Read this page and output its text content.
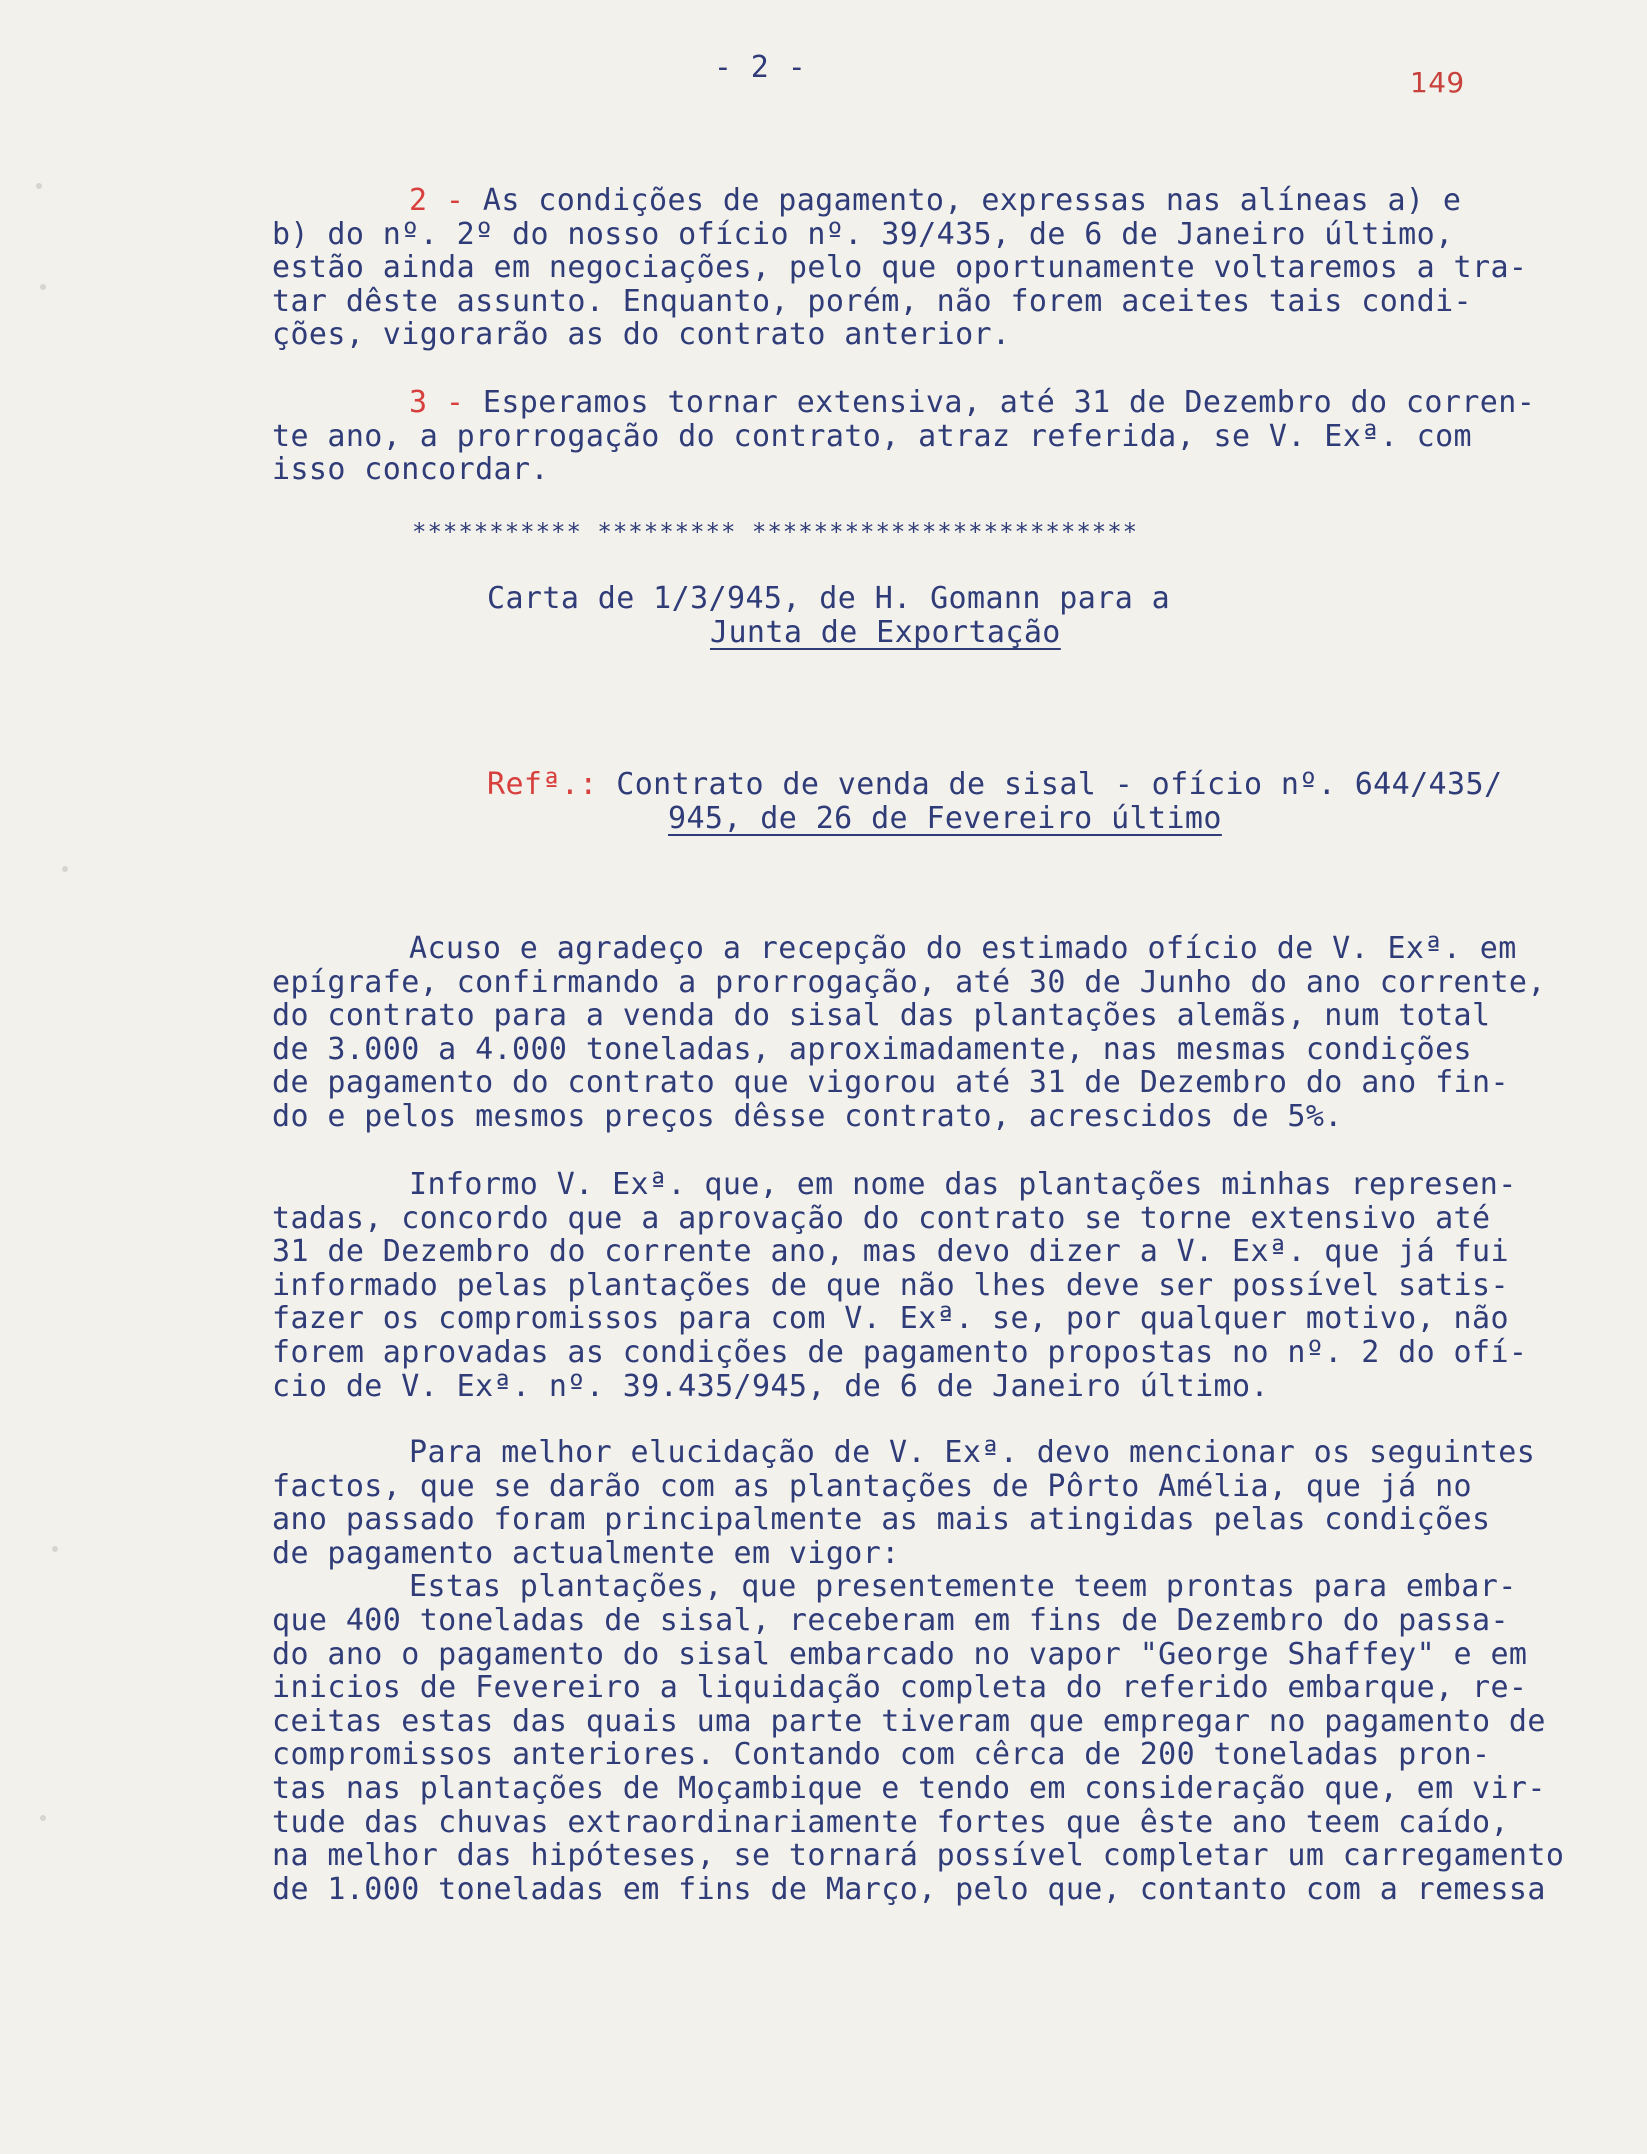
- 2 -	149

2 - As condições de pagamento, expressas nas alíneas a) e
b) do nº. 2º do nosso ofício nº. 39/435, de 6 de Janeiro último,
estão ainda em negociações, pelo que oportunamente voltaremos a tra-
tar dêste assunto. Enquanto, porém, não forem aceites tais condi-
ções, vigorarão as do contrato anterior.

3 - Esperamos tornar extensiva, até 31 de Dezembro do corren-
te ano, a prorrogação do contrato, atraz referida, se V. Exª. com
isso concordar.

*********** ********* *************************
Carta de 1/3/945, de H. Gomann para a
Junta de Exportação
Refª.: Contrato de venda de sisal - ofício nº. 644/435/
945, de 26 de Fevereiro último

Acuso e agradeço a recepção do estimado ofício de V. Exª. em
epígrafe, confirmando a prorrogação, até 30 de Junho do ano corrente,
do contrato para a venda do sisal das plantações alemãs, num total
de 3.000 a 4.000 toneladas, aproximadamente, nas mesmas condições
de pagamento do contrato que vigorou até 31 de Dezembro do ano fin-
do e pelos mesmos preços dêsse contrato, acrescidos de 5%.

Informo V. Exª. que, em nome das plantações minhas represen-
tadas, concordo que a aprovação do contrato se torne extensivo até
31 de Dezembro do corrente ano, mas devo dizer a V. Exª. que já fui
informado pelas plantações de que não lhes deve ser possível satis-
fazer os compromissos para com V. Exª. se, por qualquer motivo, não
forem aprovadas as condições de pagamento propostas no nº. 2 do ofí-
cio de V. Exª. nº. 39.435/945, de 6 de Janeiro último.

Para melhor elucidação de V. Exª. devo mencionar os seguintes
factos, que se darão com as plantações de Pôrto Amélia, que já no
ano passado foram principalmente as mais atingidas pelas condições
de pagamento actualmente em vigor:
Estas plantações, que presentemente teem prontas para embar-
que 400 toneladas de sisal, receberam em fins de Dezembro do passa-
do ano o pagamento do sisal embarcado no vapor "George Shaffey" e em
inicios de Fevereiro a liquidação completa do referido embarque, re-
ceitas estas das quais uma parte tiveram que empregar no pagamento de
compromissos anteriores. Contando com cêrca de 200 toneladas pron-
tas nas plantações de Moçambique e tendo em consideração que, em vir-
tude das chuvas extraordinariamente fortes que êste ano teem caído,
na melhor das hipóteses, se tornará possível completar um carregamento
de 1.000 toneladas em fins de Março, pelo que, contanto com a remessa
